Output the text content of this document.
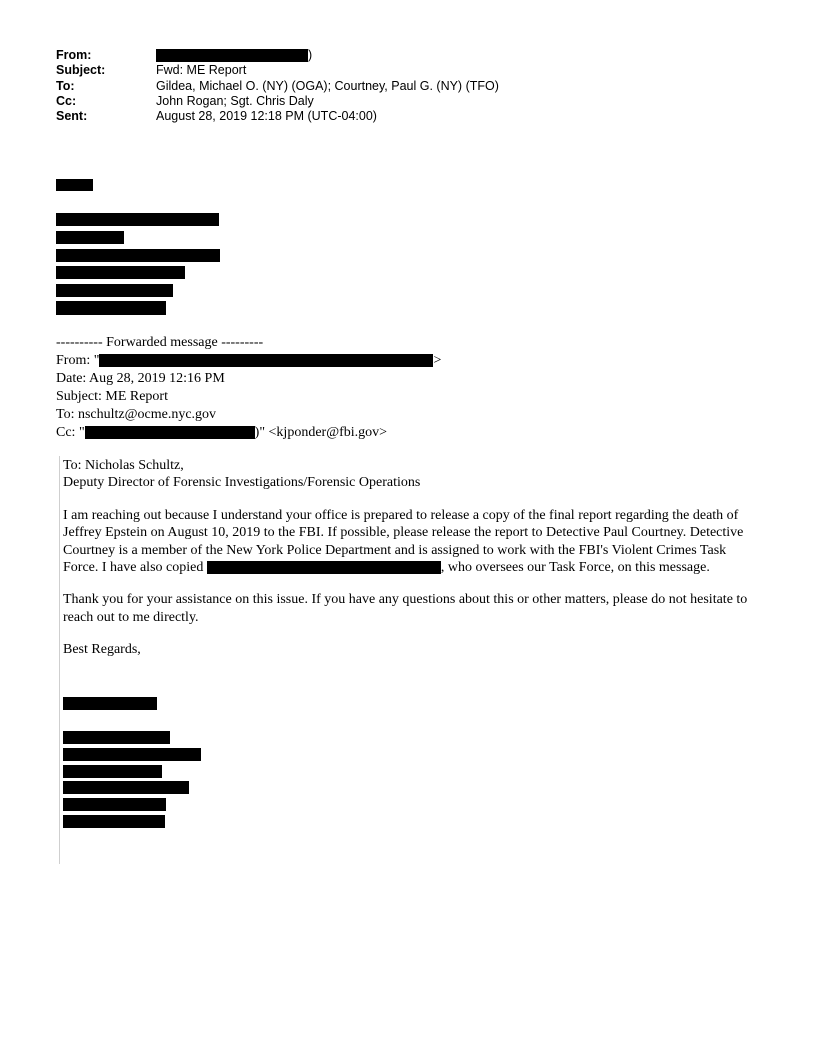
From:	)
Subject:	Fwd: ME Report
To:	Gildea, Michael O. (NY) (OGA); Courtney, Paul G. (NY) (TFO)
Cc:	John Rogan; Sgt. Chris Daly
Sent:	August 28, 2019 12:18 PM (UTC-04:00)
---------- Forwarded message ---------
From: "	>
Date: Aug 28, 2019 12:16 PM
Subject: ME Report
To: nschultz@ocme.nyc.gov
Cc: "	)" <kjponder@fbi.gov>

To: Nicholas Schultz,

Deputy Director of Forensic Investigations/Forensic Operations

I am reaching out because I understand your office is prepared to release a copy of the final report regarding the death of Jeffrey Epstein on August 10, 2019 to the FBI. If possible, please release the report to Detective Paul Courtney. Detective Courtney is a member of the New York Police Department and is assigned to work with the FBI's Violent Crimes Task Force. I have also copied	, who oversees our Task Force, on this message.

Thank you for your assistance on this issue. If you have any questions about this or other matters, please do not hesitate to reach out to me directly.

Best Regards,
